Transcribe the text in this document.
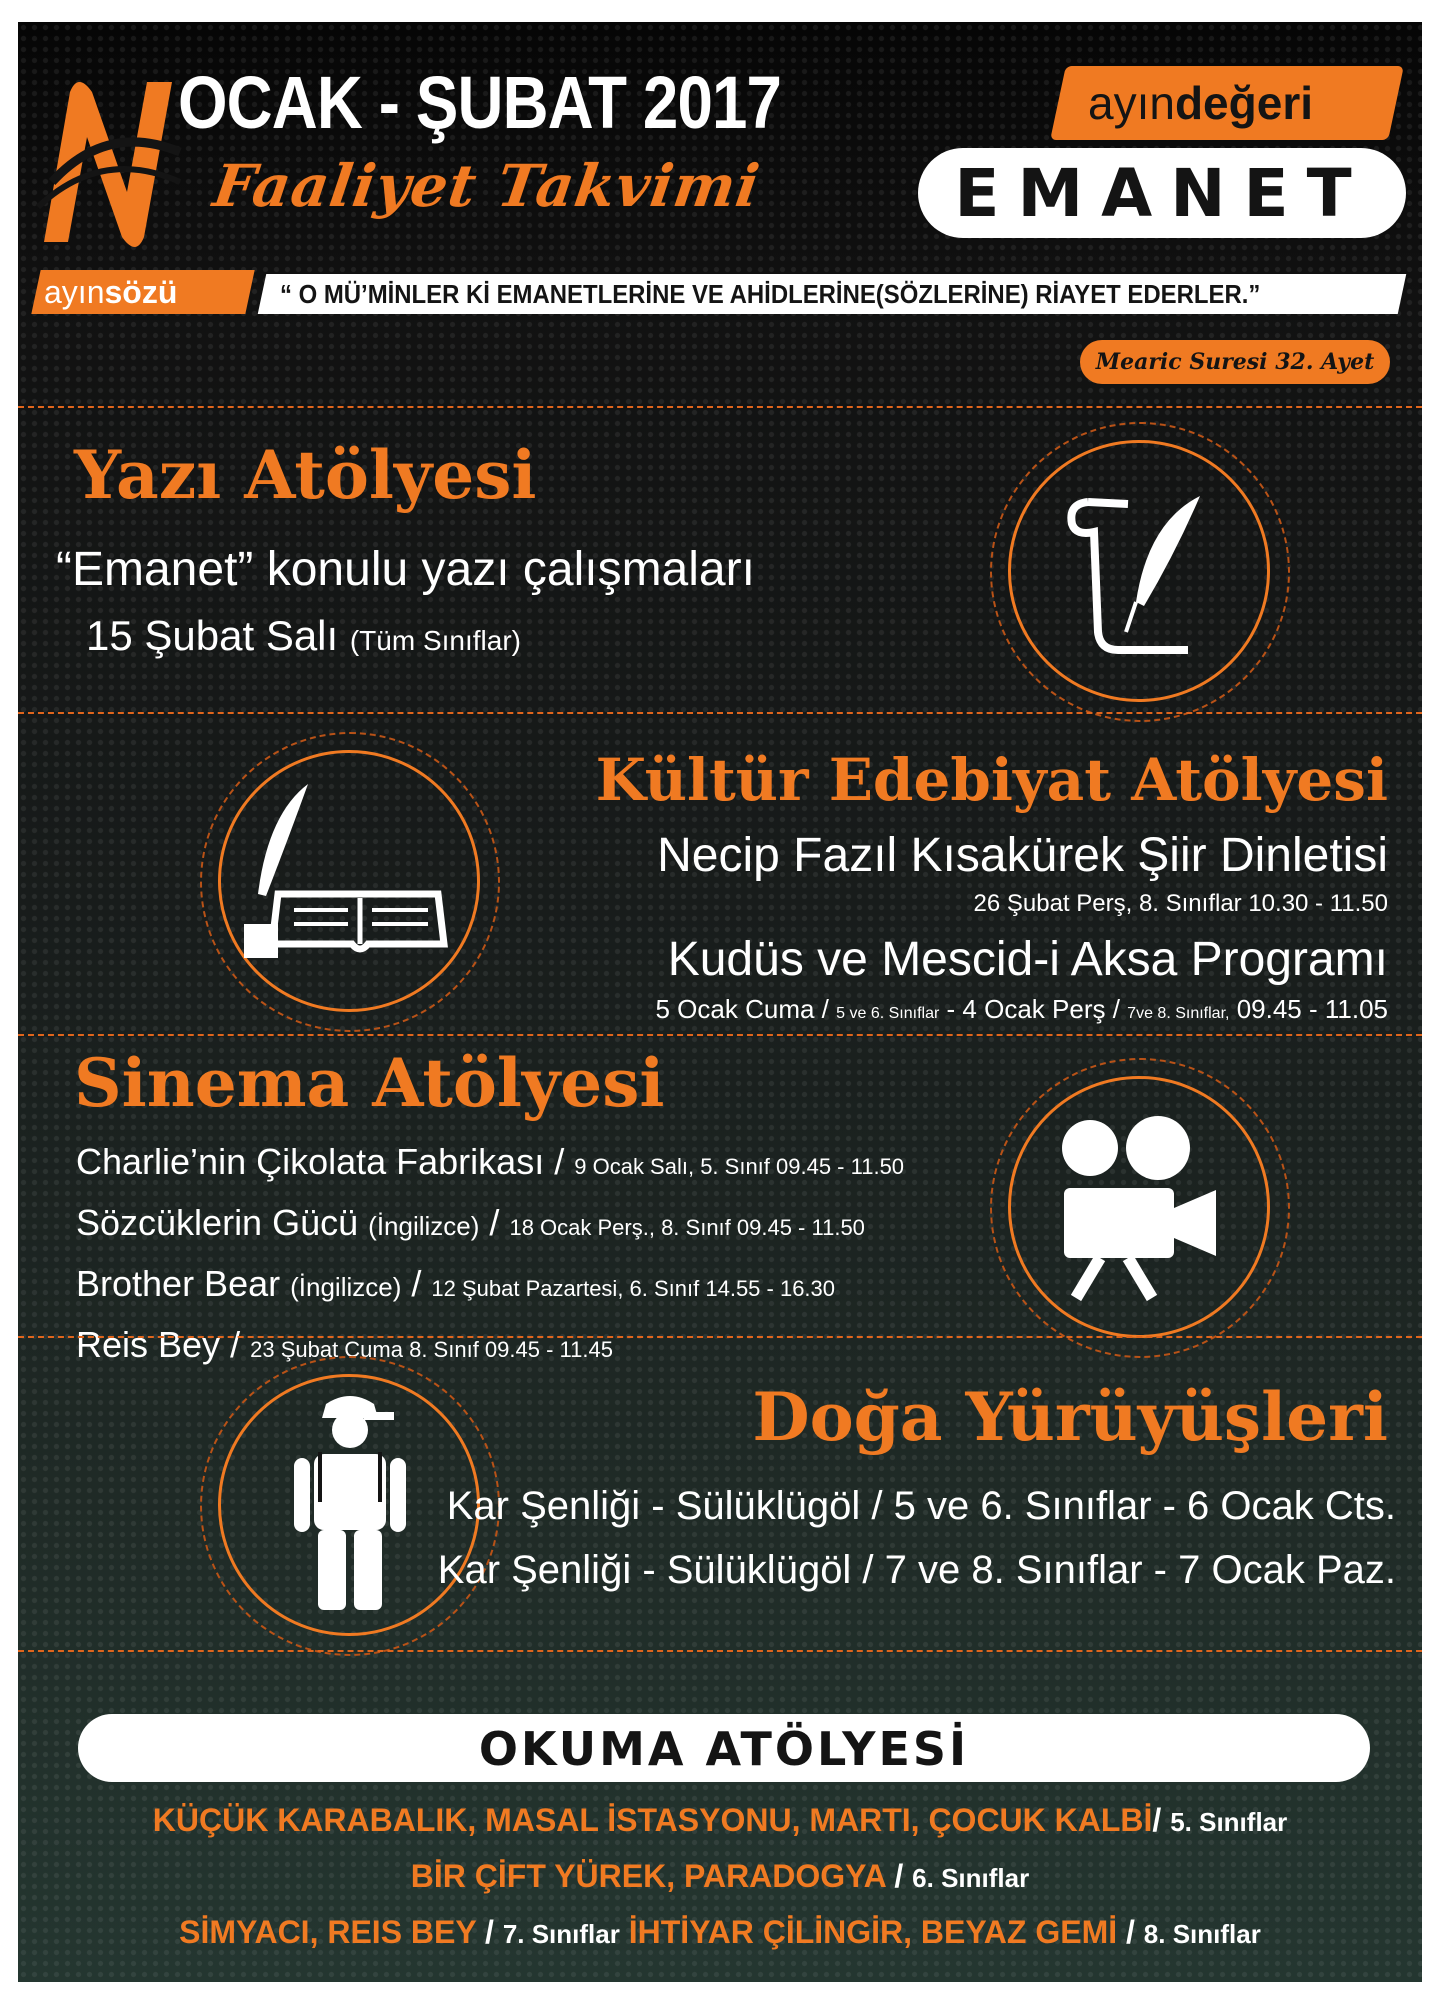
OCAK - ŞUBAT 2017
Faaliyet Takvimi
ayındeğeri
EMANET
ayınsözü	“ O MÜ’MİNLER Kİ EMANETLERİNE VE AHİDLERİNE(SÖZLERİNE) RİAYET EDERLER.”
Mearic Suresi 32. Ayet
Yazı Atölyesi
“Emanet” konulu yazı çalışmaları
15 Şubat Salı (Tüm Sınıflar)
Kültür Edebiyat Atölyesi
Necip Fazıl Kısakürek Şiir Dinletisi
26 Şubat Perş, 8. Sınıflar 10.30 - 11.50
Kudüs ve Mescid-i Aksa Programı
5 Ocak Cuma / 5 ve 6. Sınıflar - 4 Ocak Perş / 7ve 8. Sınıflar, 09.45 - 11.05
Sinema Atölyesi
Charlie’nin Çikolata Fabrikası / 9 Ocak Salı, 5. Sınıf 09.45 - 11.50
Sözcüklerin Gücü (İngilizce) / 18 Ocak Perş., 8. Sınıf 09.45 - 11.50
Brother Bear (İngilizce) / 12 Şubat Pazartesi, 6. Sınıf 14.55 - 16.30
Reis Bey / 23 Şubat Cuma 8. Sınıf 09.45 - 11.45
Doğa Yürüyüşleri
Kar Şenliği - Sülüklügöl / 5 ve 6. Sınıflar - 6 Ocak Cts.
Kar Şenliği - Sülüklügöl / 7 ve 8. Sınıflar - 7 Ocak Paz.
OKUMA ATÖLYESİ
KÜÇÜK KARABALIK, MASAL İSTASYONU, MARTI, ÇOCUK KALBİ/ 5. Sınıflar
BİR ÇİFT YÜREK, PARADOGYA / 6. Sınıflar
SİMYACI, REIS BEY / 7. Sınıflar İHTİYAR ÇİLİNGİR, BEYAZ GEMİ / 8. Sınıflar
